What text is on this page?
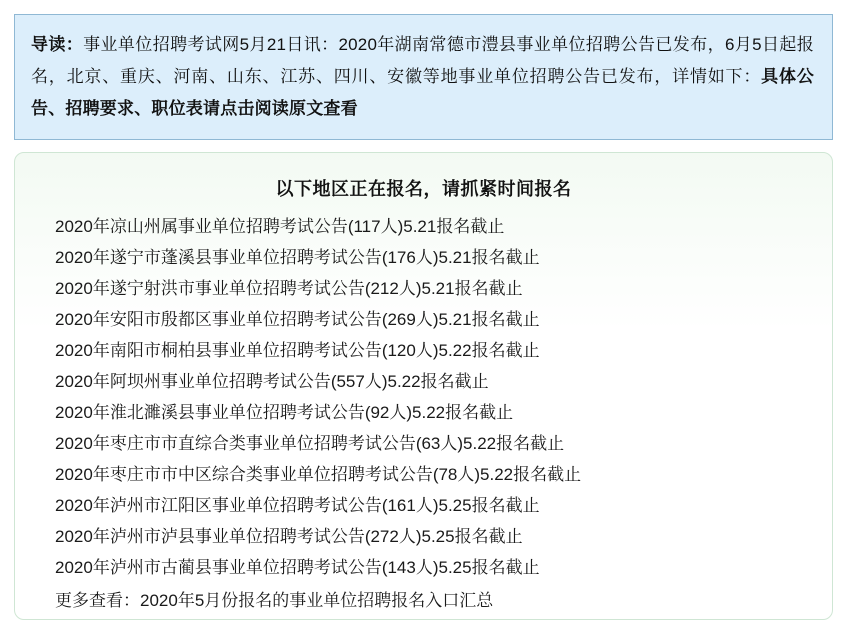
导读：事业单位招聘考试网5月21日讯：2020年湖南常德市澧县事业单位招聘公告已发布，6月5日起报名，北京、重庆、河南、山东、江苏、四川、安徽等地事业单位招聘公告已发布，详情如下：具体公告、招聘要求、职位表请点击阅读原文查看
以下地区正在报名，请抓紧时间报名
2020年凉山州属事业单位招聘考试公告(117人)5.21报名截止
2020年遂宁市蓬溪县事业单位招聘考试公告(176人)5.21报名截止
2020年遂宁射洪市事业单位招聘考试公告(212人)5.21报名截止
2020年安阳市殷都区事业单位招聘考试公告(269人)5.21报名截止
2020年南阳市桐柏县事业单位招聘考试公告(120人)5.22报名截止
2020年阿坝州事业单位招聘考试公告(557人)5.22报名截止
2020年淮北濉溪县事业单位招聘考试公告(92人)5.22报名截止
2020年枣庄市市直综合类事业单位招聘考试公告(63人)5.22报名截止
2020年枣庄市市中区综合类事业单位招聘考试公告(78人)5.22报名截止
2020年泸州市江阳区事业单位招聘考试公告(161人)5.25报名截止
2020年泸州市泸县事业单位招聘考试公告(272人)5.25报名截止
2020年泸州市古蔺县事业单位招聘考试公告(143人)5.25报名截止
更多查看：2020年5月份报名的事业单位招聘报名入口汇总
